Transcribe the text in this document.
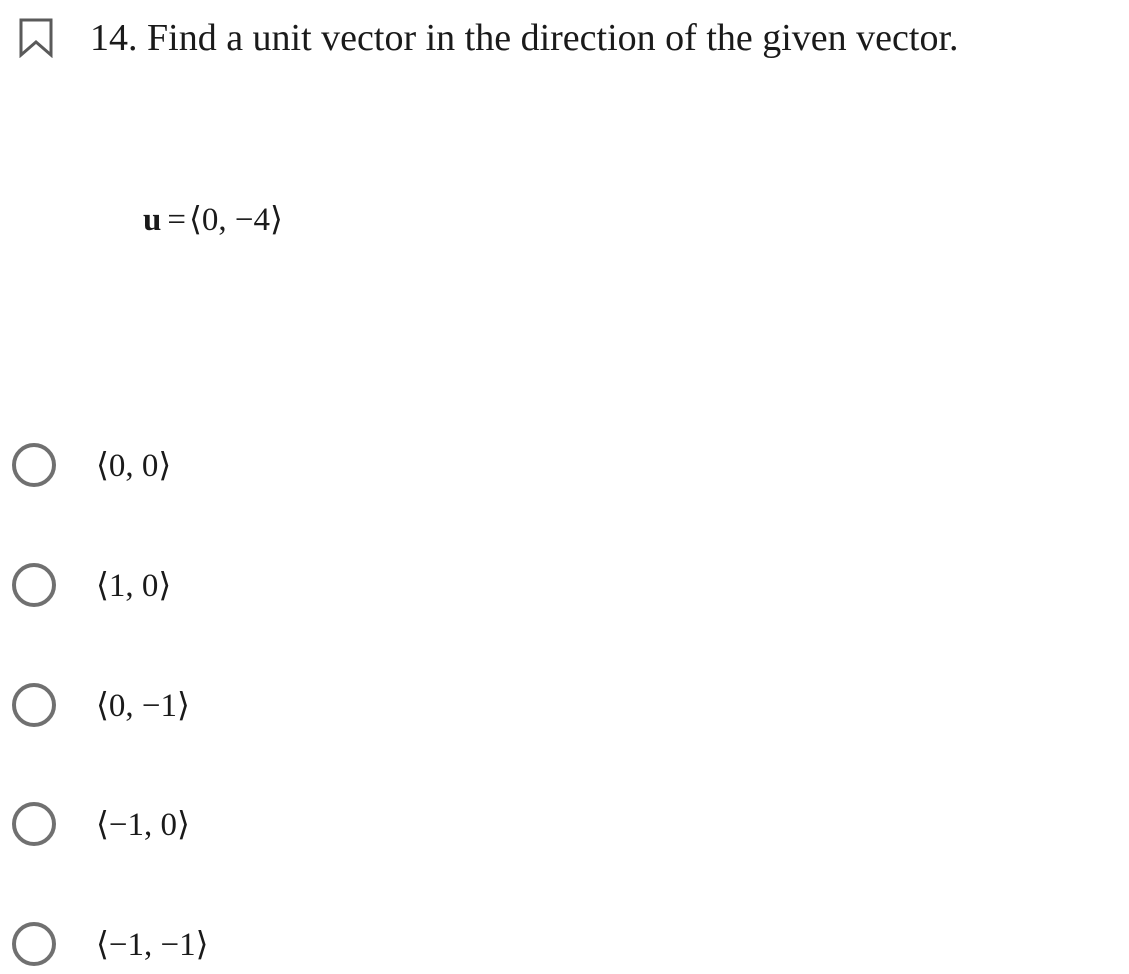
14. Find a unit vector in the direction of the given vector.
u =⟨0, −4⟩
⟨0, 0⟩
⟨1, 0⟩
⟨0, −1⟩
⟨−1, 0⟩
⟨−1, −1⟩
